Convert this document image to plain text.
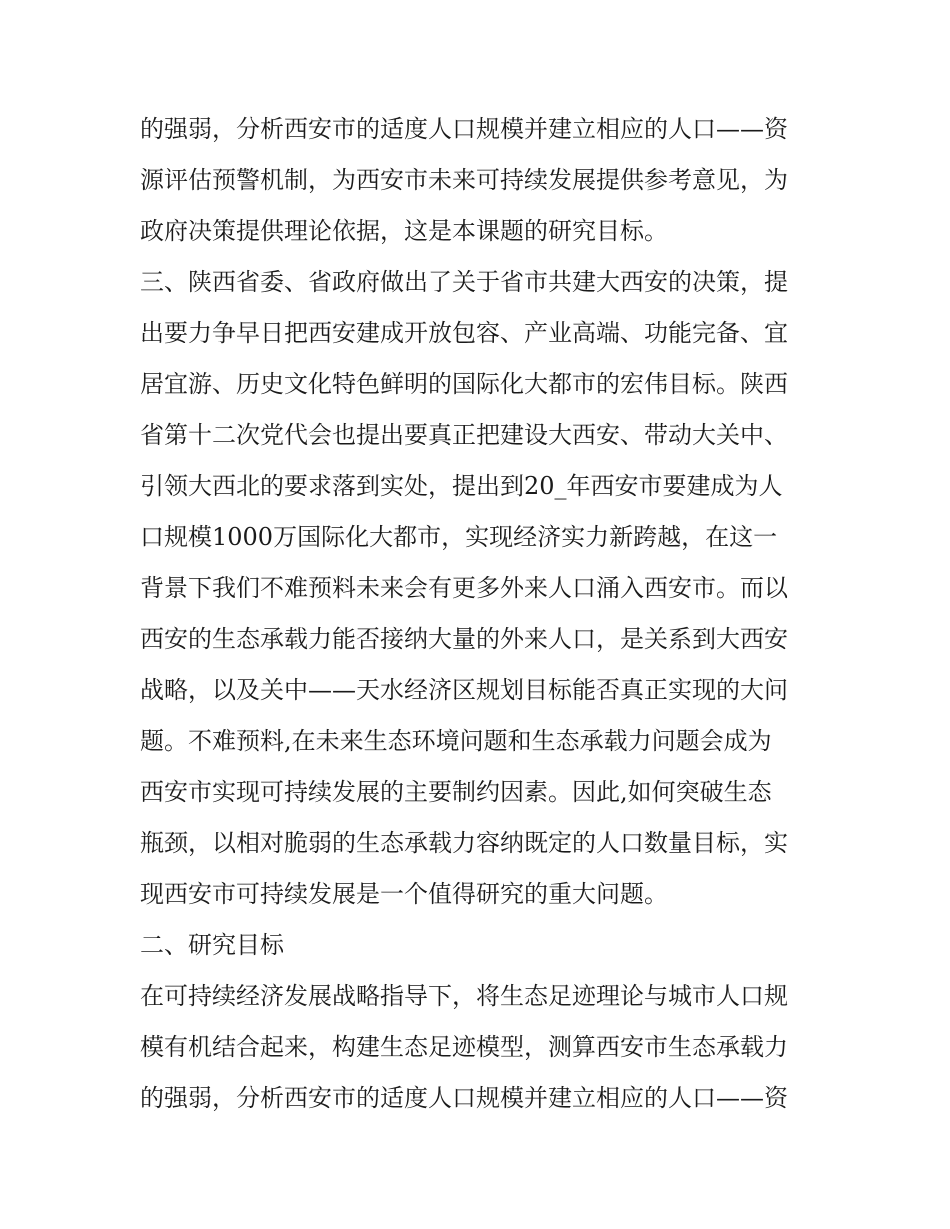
的强弱，分析西安市的适度人口规模并建立相应的人口——资
源评估预警机制，为西安市未来可持续发展提供参考意见，为
政府决策提供理论依据，这是本课题的研究目标。
三、陕西省委、省政府做出了关于省市共建大西安的决策，提
出要力争早日把西安建成开放包容、产业高端、功能完备、宜
居宜游、历史文化特色鲜明的国际化大都市的宏伟目标。陕西
省第十二次党代会也提出要真正把建设大西安、带动大关中、
引领大西北的要求落到实处，提出到20_年西安市要建成为人
口规模1000万国际化大都市，实现经济实力新跨越，在这一
背景下我们不难预料未来会有更多外来人口涌入西安市。而以
西安的生态承载力能否接纳大量的外来人口，是关系到大西安
战略，以及关中——天水经济区规划目标能否真正实现的大问
题。不难预料,在未来生态环境问题和生态承载力问题会成为
西安市实现可持续发展的主要制约因素。因此,如何突破生态
瓶颈，以相对脆弱的生态承载力容纳既定的人口数量目标，实
现西安市可持续发展是一个值得研究的重大问题。
二、研究目标
在可持续经济发展战略指导下，将生态足迹理论与城市人口规
模有机结合起来，构建生态足迹模型，测算西安市生态承载力
的强弱，分析西安市的适度人口规模并建立相应的人口——资
